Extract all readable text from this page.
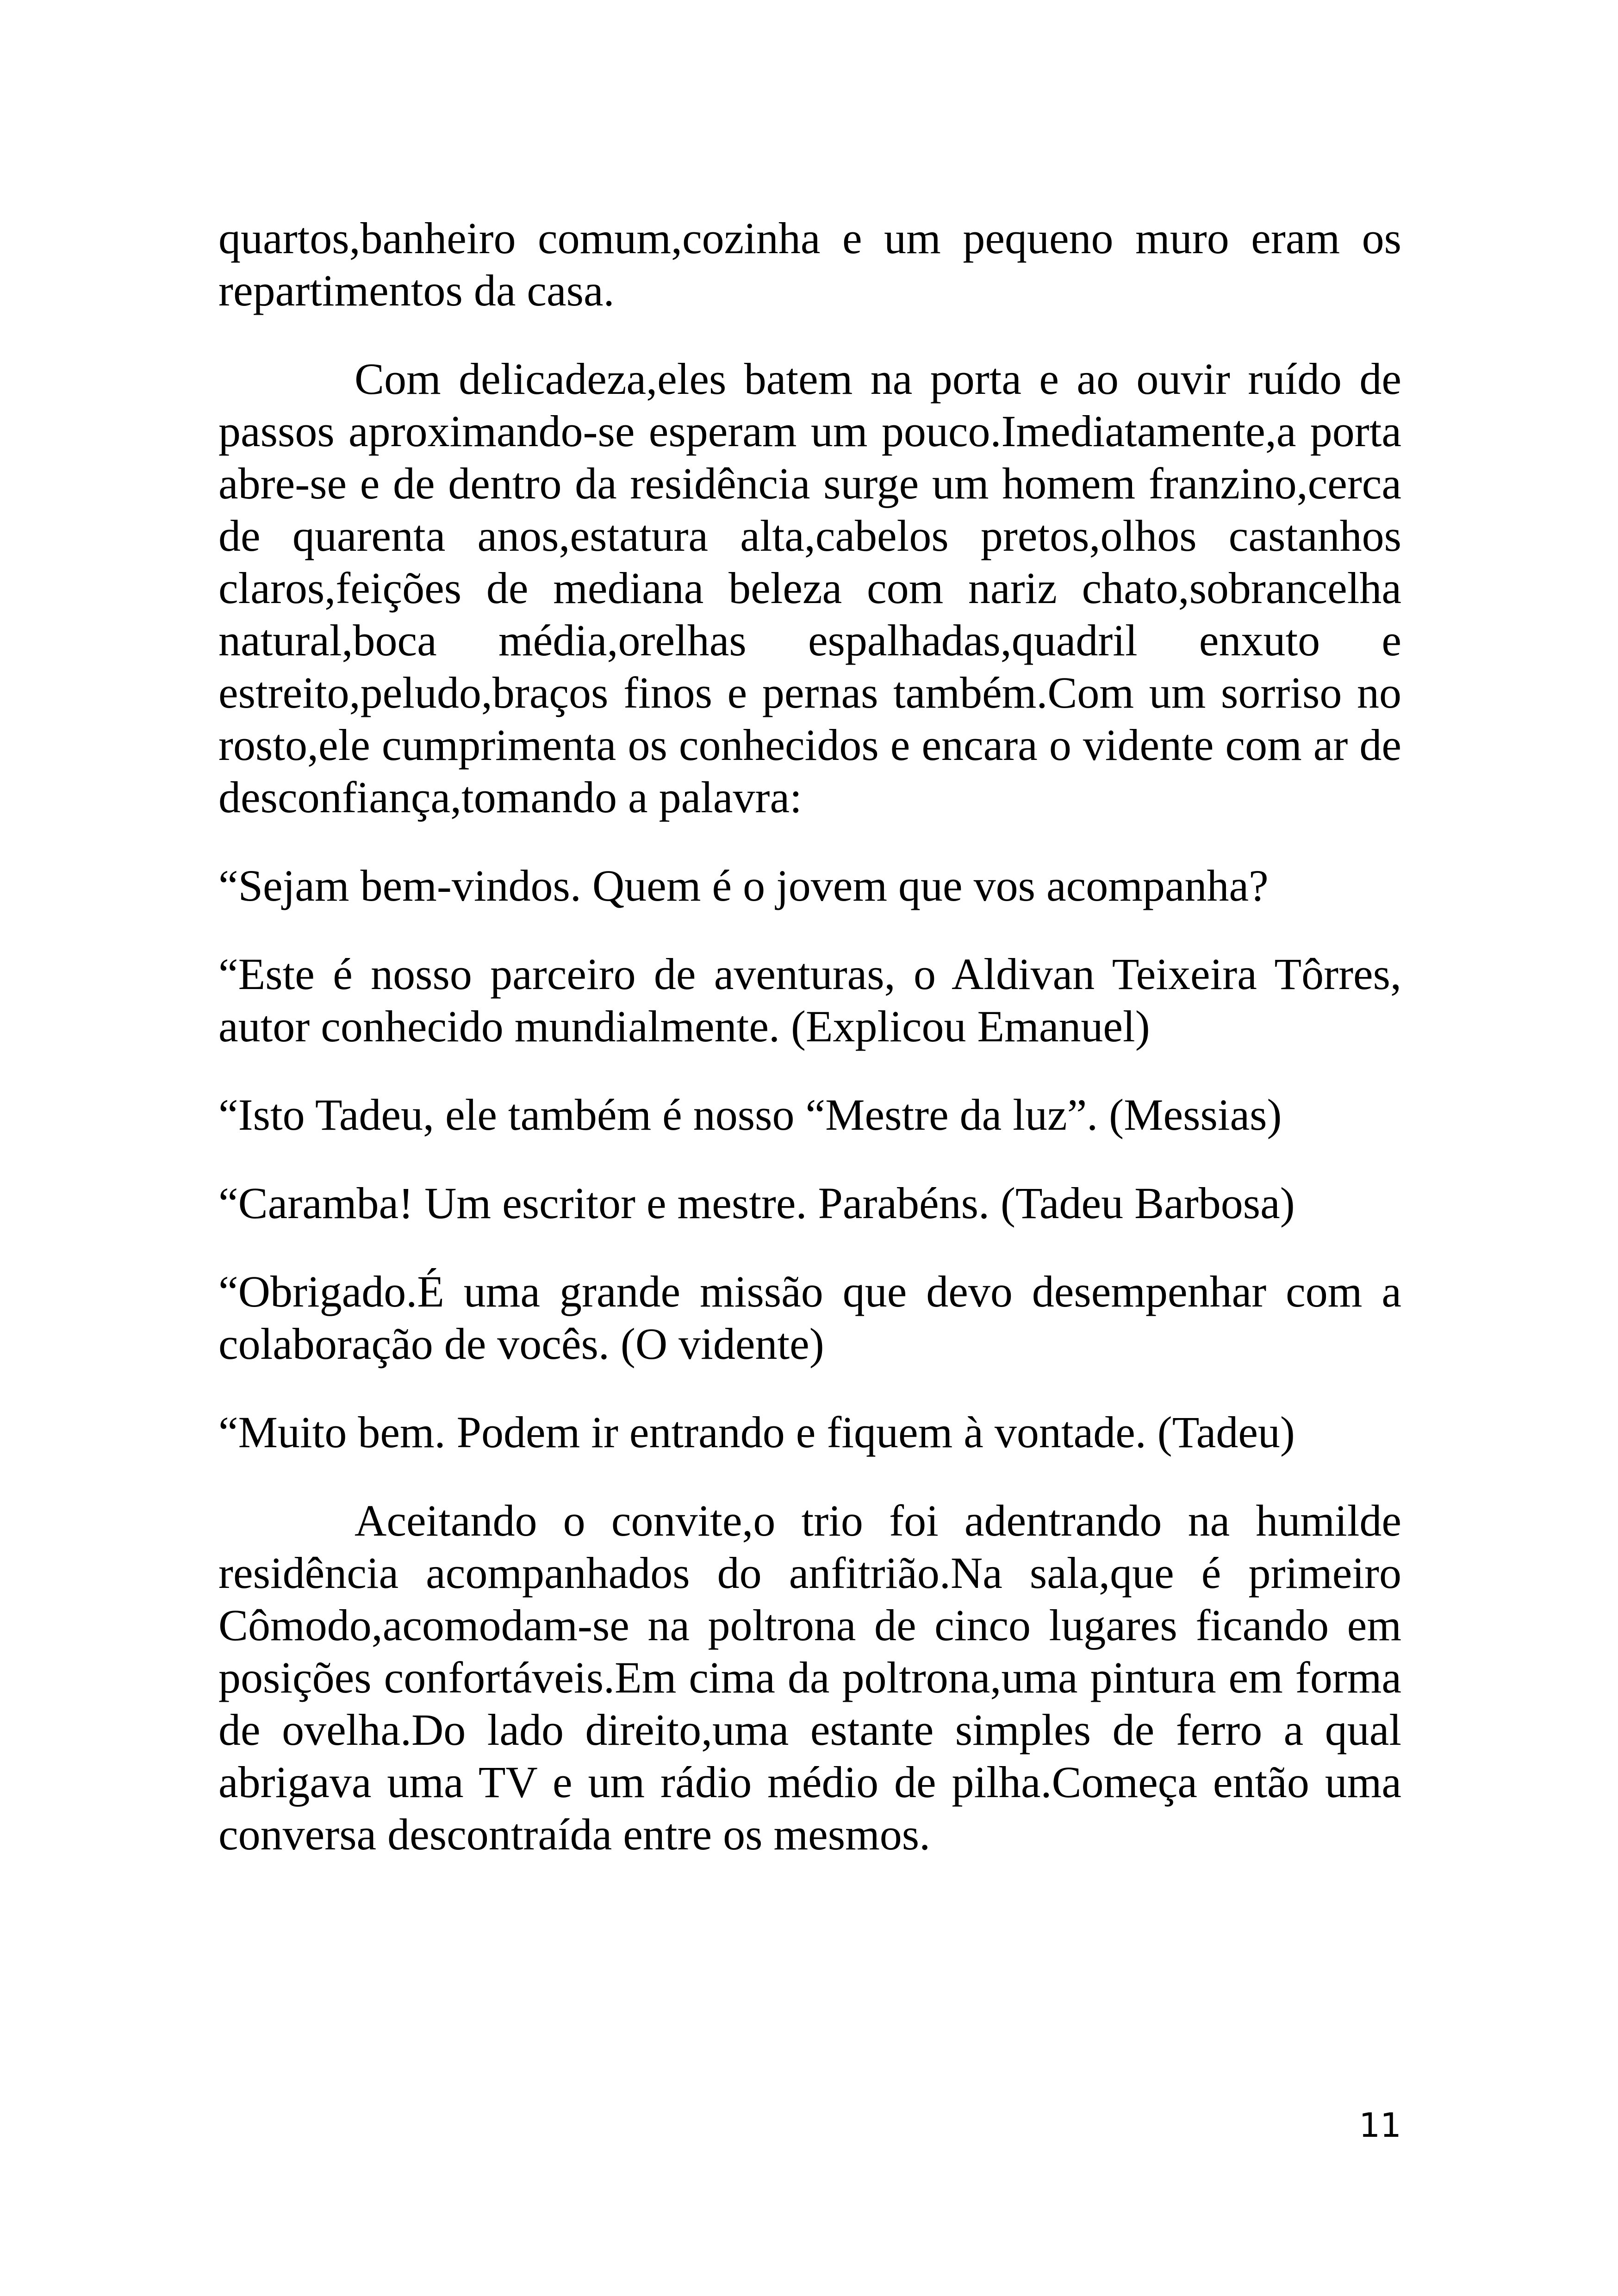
quartos,banheiro comum,cozinha e um pequeno muro eram os repartimentos da casa.

Com delicadeza,eles batem na porta e ao ouvir ruído de passos aproximando-se esperam um pouco.Imediatamente,a porta abre-se e de dentro da residência surge um homem franzino,cerca de quarenta anos,estatura alta,cabelos pretos,olhos castanhos claros,feições de mediana beleza com nariz chato,sobrancelha natural,boca média,orelhas espalhadas,quadril enxuto e estreito,peludo,braços finos e pernas também.Com um sorriso no rosto,ele cumprimenta os conhecidos e encara o vidente com ar de desconfiança,tomando a palavra:

“Sejam bem-vindos. Quem é o jovem que vos acompanha?

“Este é nosso parceiro de aventuras, o Aldivan Teixeira Tôrres, autor conhecido mundialmente. (Explicou Emanuel)

“Isto Tadeu, ele também é nosso “Mestre da luz”. (Messias)

“Caramba! Um escritor e mestre. Parabéns. (Tadeu Barbosa)

“Obrigado.É uma grande missão que devo desempenhar com a colaboração de vocês. (O vidente)

“Muito bem. Podem ir entrando e fiquem à vontade. (Tadeu)

Aceitando o convite,o trio foi adentrando na humilde residência acompanhados do anfitrião.Na sala,que é primeiro Cômodo,acomodam-se na poltrona de cinco lugares ficando em posições confortáveis.Em cima da poltrona,uma pintura em forma de ovelha.Do lado direito,uma estante simples de ferro a qual abrigava uma TV e um rádio médio de pilha.Começa então uma conversa descontraída entre os mesmos.

11
